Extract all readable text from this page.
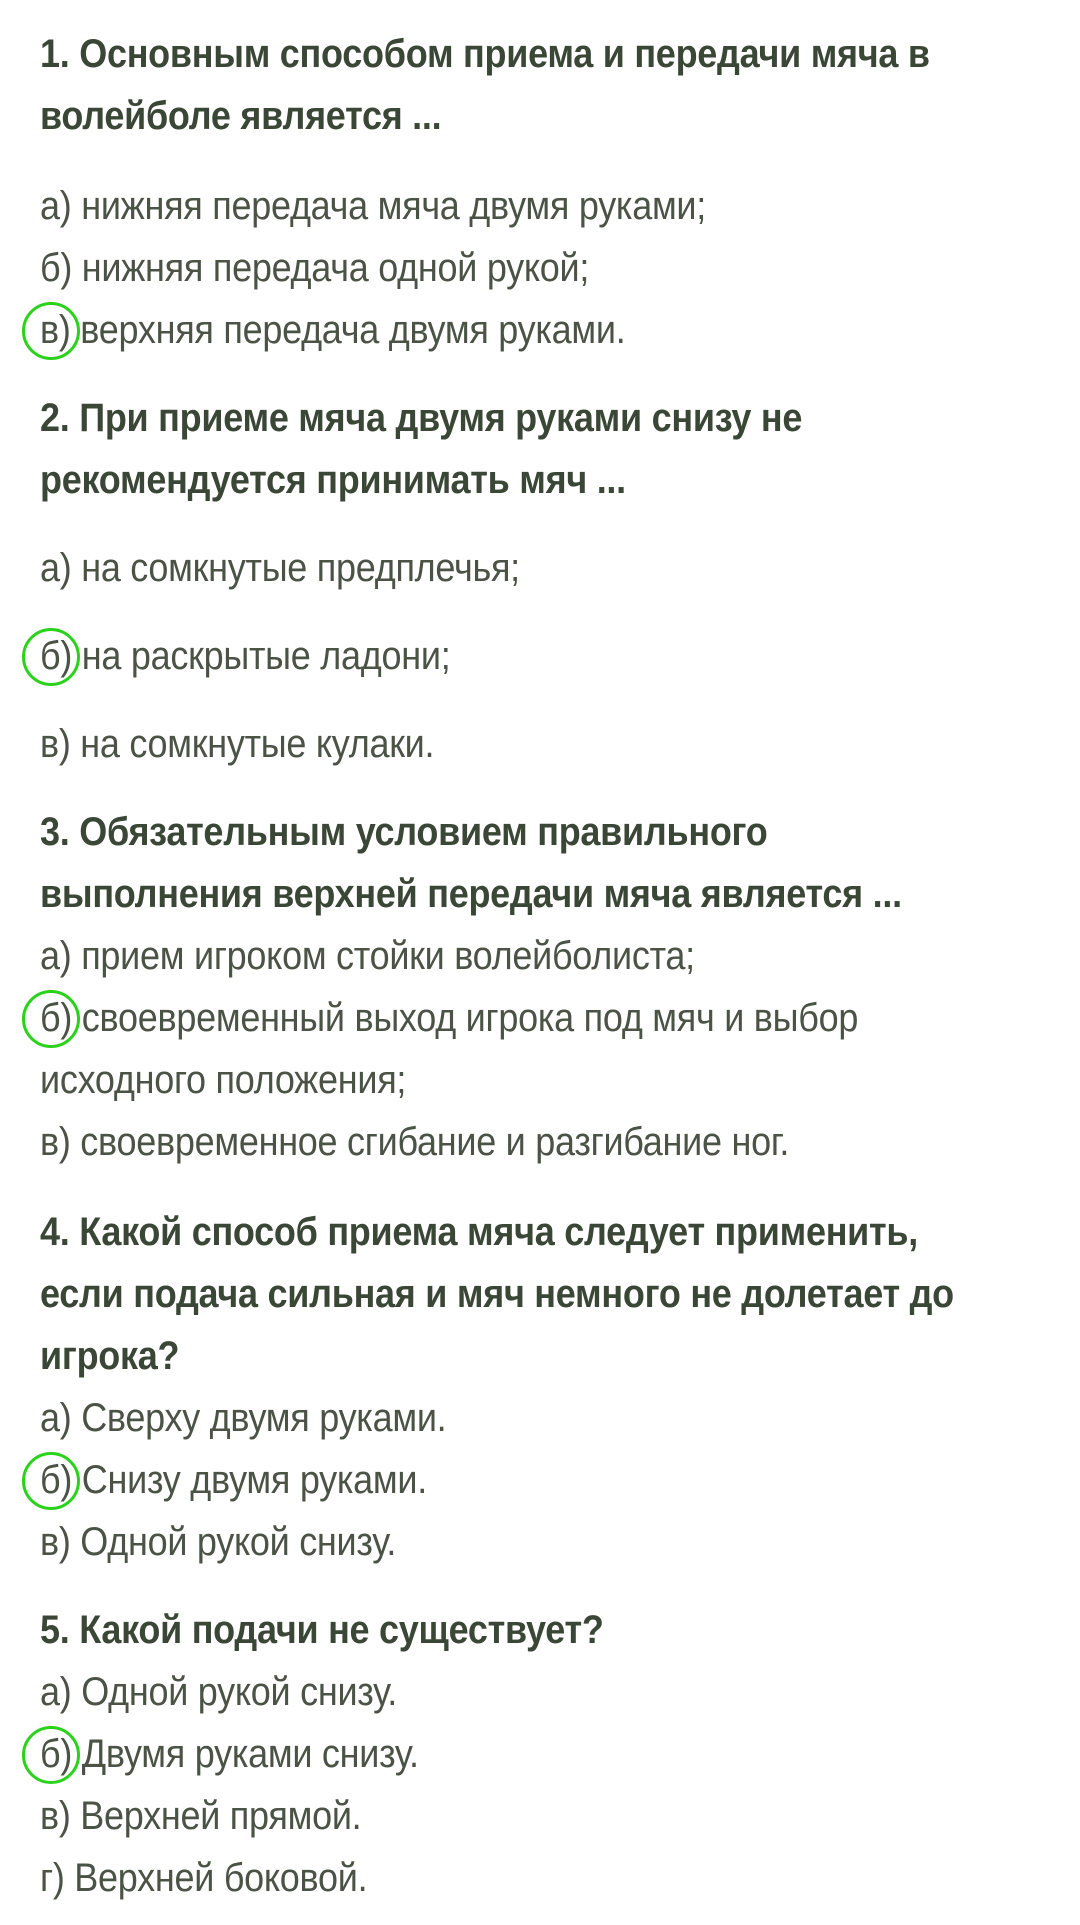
1. Основным способом приема и передачи мяча в

волейболе является ...

а) нижняя передача мяча двумя руками;

б) нижняя передача одной рукой;

в) верхняя передача двумя руками.

2. При приеме мяча двумя руками снизу не

рекомендуется принимать мяч ...

а) на сомкнутые предплечья;

б) на раскрытые ладони;

в) на сомкнутые кулаки.

3. Обязательным условием правильного

выполнения верхней передачи мяча является ...

а) прием игроком стойки волейболиста;

б) своевременный выход игрока под мяч и выбор

исходного положения;

в) своевременное сгибание и разгибание ног.

4. Какой способ приема мяча следует применить,

если подача сильная и мяч немного не долетает до

игрока?

а) Сверху двумя руками.

б) Снизу двумя руками.

в) Одной рукой снизу.

5. Какой подачи не существует?

а) Одной рукой снизу.

б) Двумя руками снизу.

в) Верхней прямой.

г) Верхней боковой.
